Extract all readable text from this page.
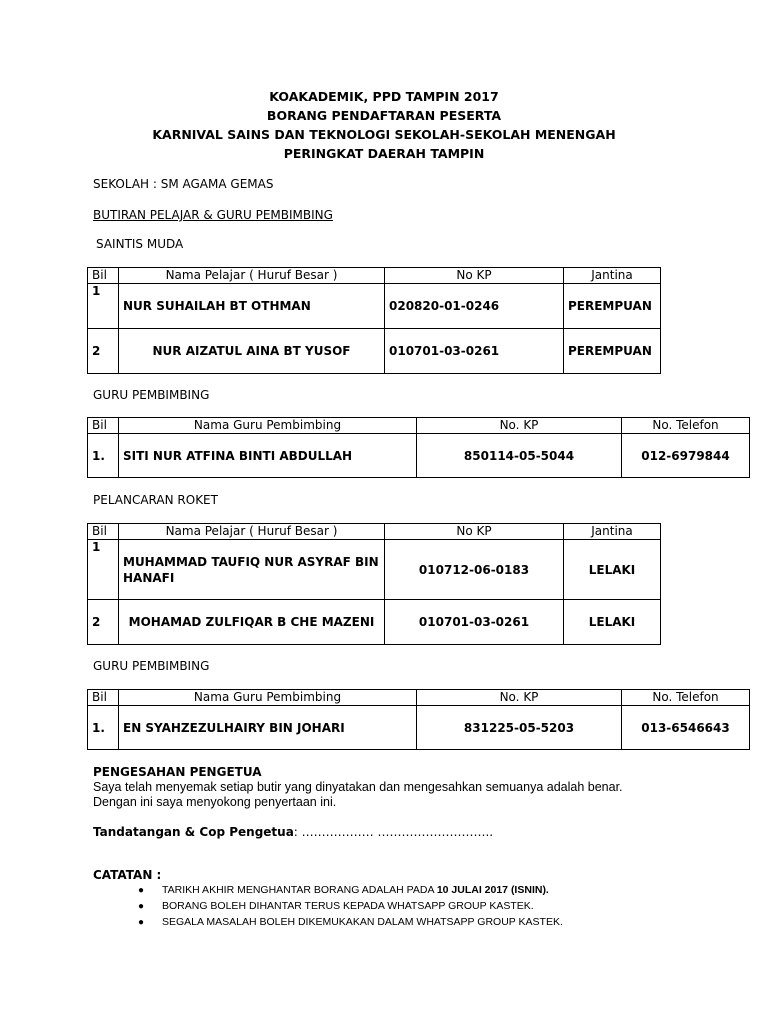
KOAKADEMIK, PPD TAMPIN 2017
BORANG PENDAFTARAN PESERTA
KARNIVAL SAINS DAN TEKNOLOGI SEKOLAH-SEKOLAH MENENGAH
PERINGKAT DAERAH TAMPIN
SEKOLAH : SM AGAMA GEMAS
BUTIRAN PELAJAR & GURU PEMBIMBING
SAINTIS MUDA
Bil	Nama Pelajar ( Huruf Besar )	No KP	Jantina
1	NUR SUHAILAH BT OTHMAN	020820-01-0246	PEREMPUAN
2	NUR AIZATUL AINA BT YUSOF	010701-03-0261	PEREMPUAN
GURU PEMBIMBING
Bil	Nama Guru Pembimbing	No. KP	No. Telefon
1.	SITI NUR ATFINA BINTI ABDULLAH	850114-05-5044	012-6979844
PELANCARAN ROKET
Bil	Nama Pelajar ( Huruf Besar )	No KP	Jantina
1	MUHAMMAD TAUFIQ NUR ASYRAF BIN HANAFI	010712-06-0183	LELAKI
2	MOHAMAD ZULFIQAR B CHE MAZENI	010701-03-0261	LELAKI
GURU PEMBIMBING
Bil	Nama Guru Pembimbing	No. KP	No. Telefon
1.	EN SYAHZEZULHAIRY BIN JOHARI	831225-05-5203	013-6546643
PENGESAHAN PENGETUA
Saya telah menyemak setiap butir yang dinyatakan dan mengesahkan semuanya adalah benar.
Dengan ini saya menyokong penyertaan ini.
Tandatangan & Cop Pengetua: ……………… ………………………..
CATATAN :
● TARIKH AKHIR MENGHANTAR BORANG ADALAH PADA 10 JULAI 2017 (ISNIN).
● BORANG BOLEH DIHANTAR TERUS KEPADA WHATSAPP GROUP KASTEK.
● SEGALA MASALAH BOLEH DIKEMUKAKAN DALAM WHATSAPP GROUP KASTEK.
